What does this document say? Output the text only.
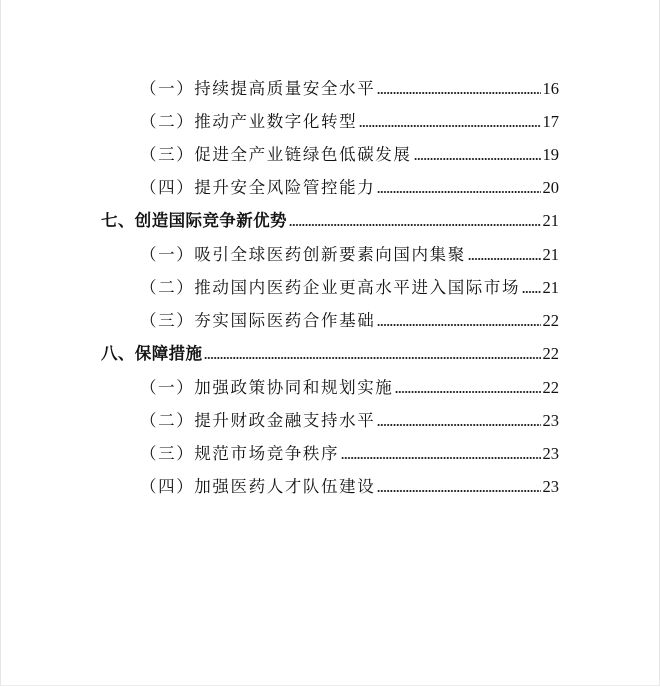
（一）持续提高质量安全水平	16
（二）推动产业数字化转型	17
（三）促进全产业链绿色低碳发展	19
（四）提升安全风险管控能力	20
七、创造国际竞争新优势	21
（一）吸引全球医药创新要素向国内集聚	21
（二）推动国内医药企业更高水平进入国际市场 21
（三）夯实国际医药合作基础	22
八、保障措施	22
（一）加强政策协同和规划实施	22
（二）提升财政金融支持水平	23
（三）规范市场竞争秩序	23
（四）加强医药人才队伍建设	23
